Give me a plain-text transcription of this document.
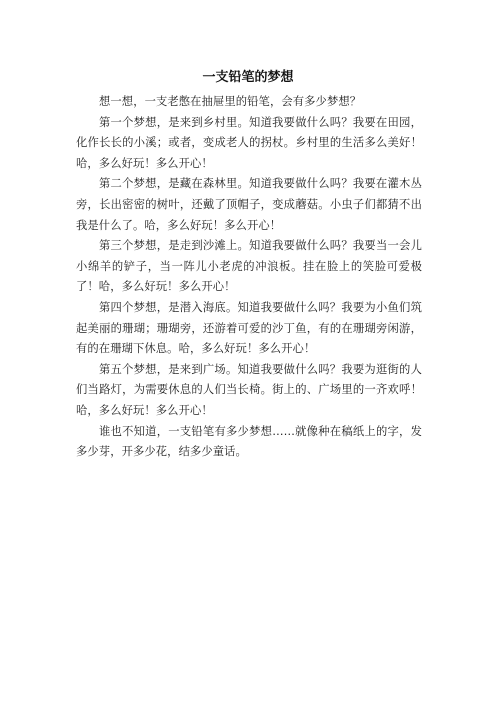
一支铅笔的梦想

想一想，一支老憋在抽屉里的铅笔，会有多少梦想？

第一个梦想，是来到乡村里。知道我要做什么吗？我要在田园，化作长长的小溪；或者，变成老人的拐杖。乡村里的生活多么美好！哈，多么好玩！多么开心！

第二个梦想，是藏在森林里。知道我要做什么吗？我要在灌木丛旁，长出密密的树叶，还戴了顶帽子，变成蘑菇。小虫子们都猜不出我是什么了。哈，多么好玩！多么开心！

第三个梦想，是走到沙滩上。知道我要做什么吗？我要当一会儿小绵羊的铲子，当一阵儿小老虎的冲浪板。挂在脸上的笑脸可爱极了！哈，多么好玩！多么开心！

第四个梦想，是潜入海底。知道我要做什么吗？我要为小鱼们筑起美丽的珊瑚；珊瑚旁，还游着可爱的沙丁鱼，有的在珊瑚旁闲游，有的在珊瑚下休息。哈，多么好玩！多么开心！

第五个梦想，是来到广场。知道我要做什么吗？我要为逛街的人们当路灯，为需要休息的人们当长椅。街上的、广场里的一齐欢呼！哈，多么好玩！多么开心！

谁也不知道，一支铅笔有多少梦想……就像种在稿纸上的字，发多少芽，开多少花，结多少童话。
